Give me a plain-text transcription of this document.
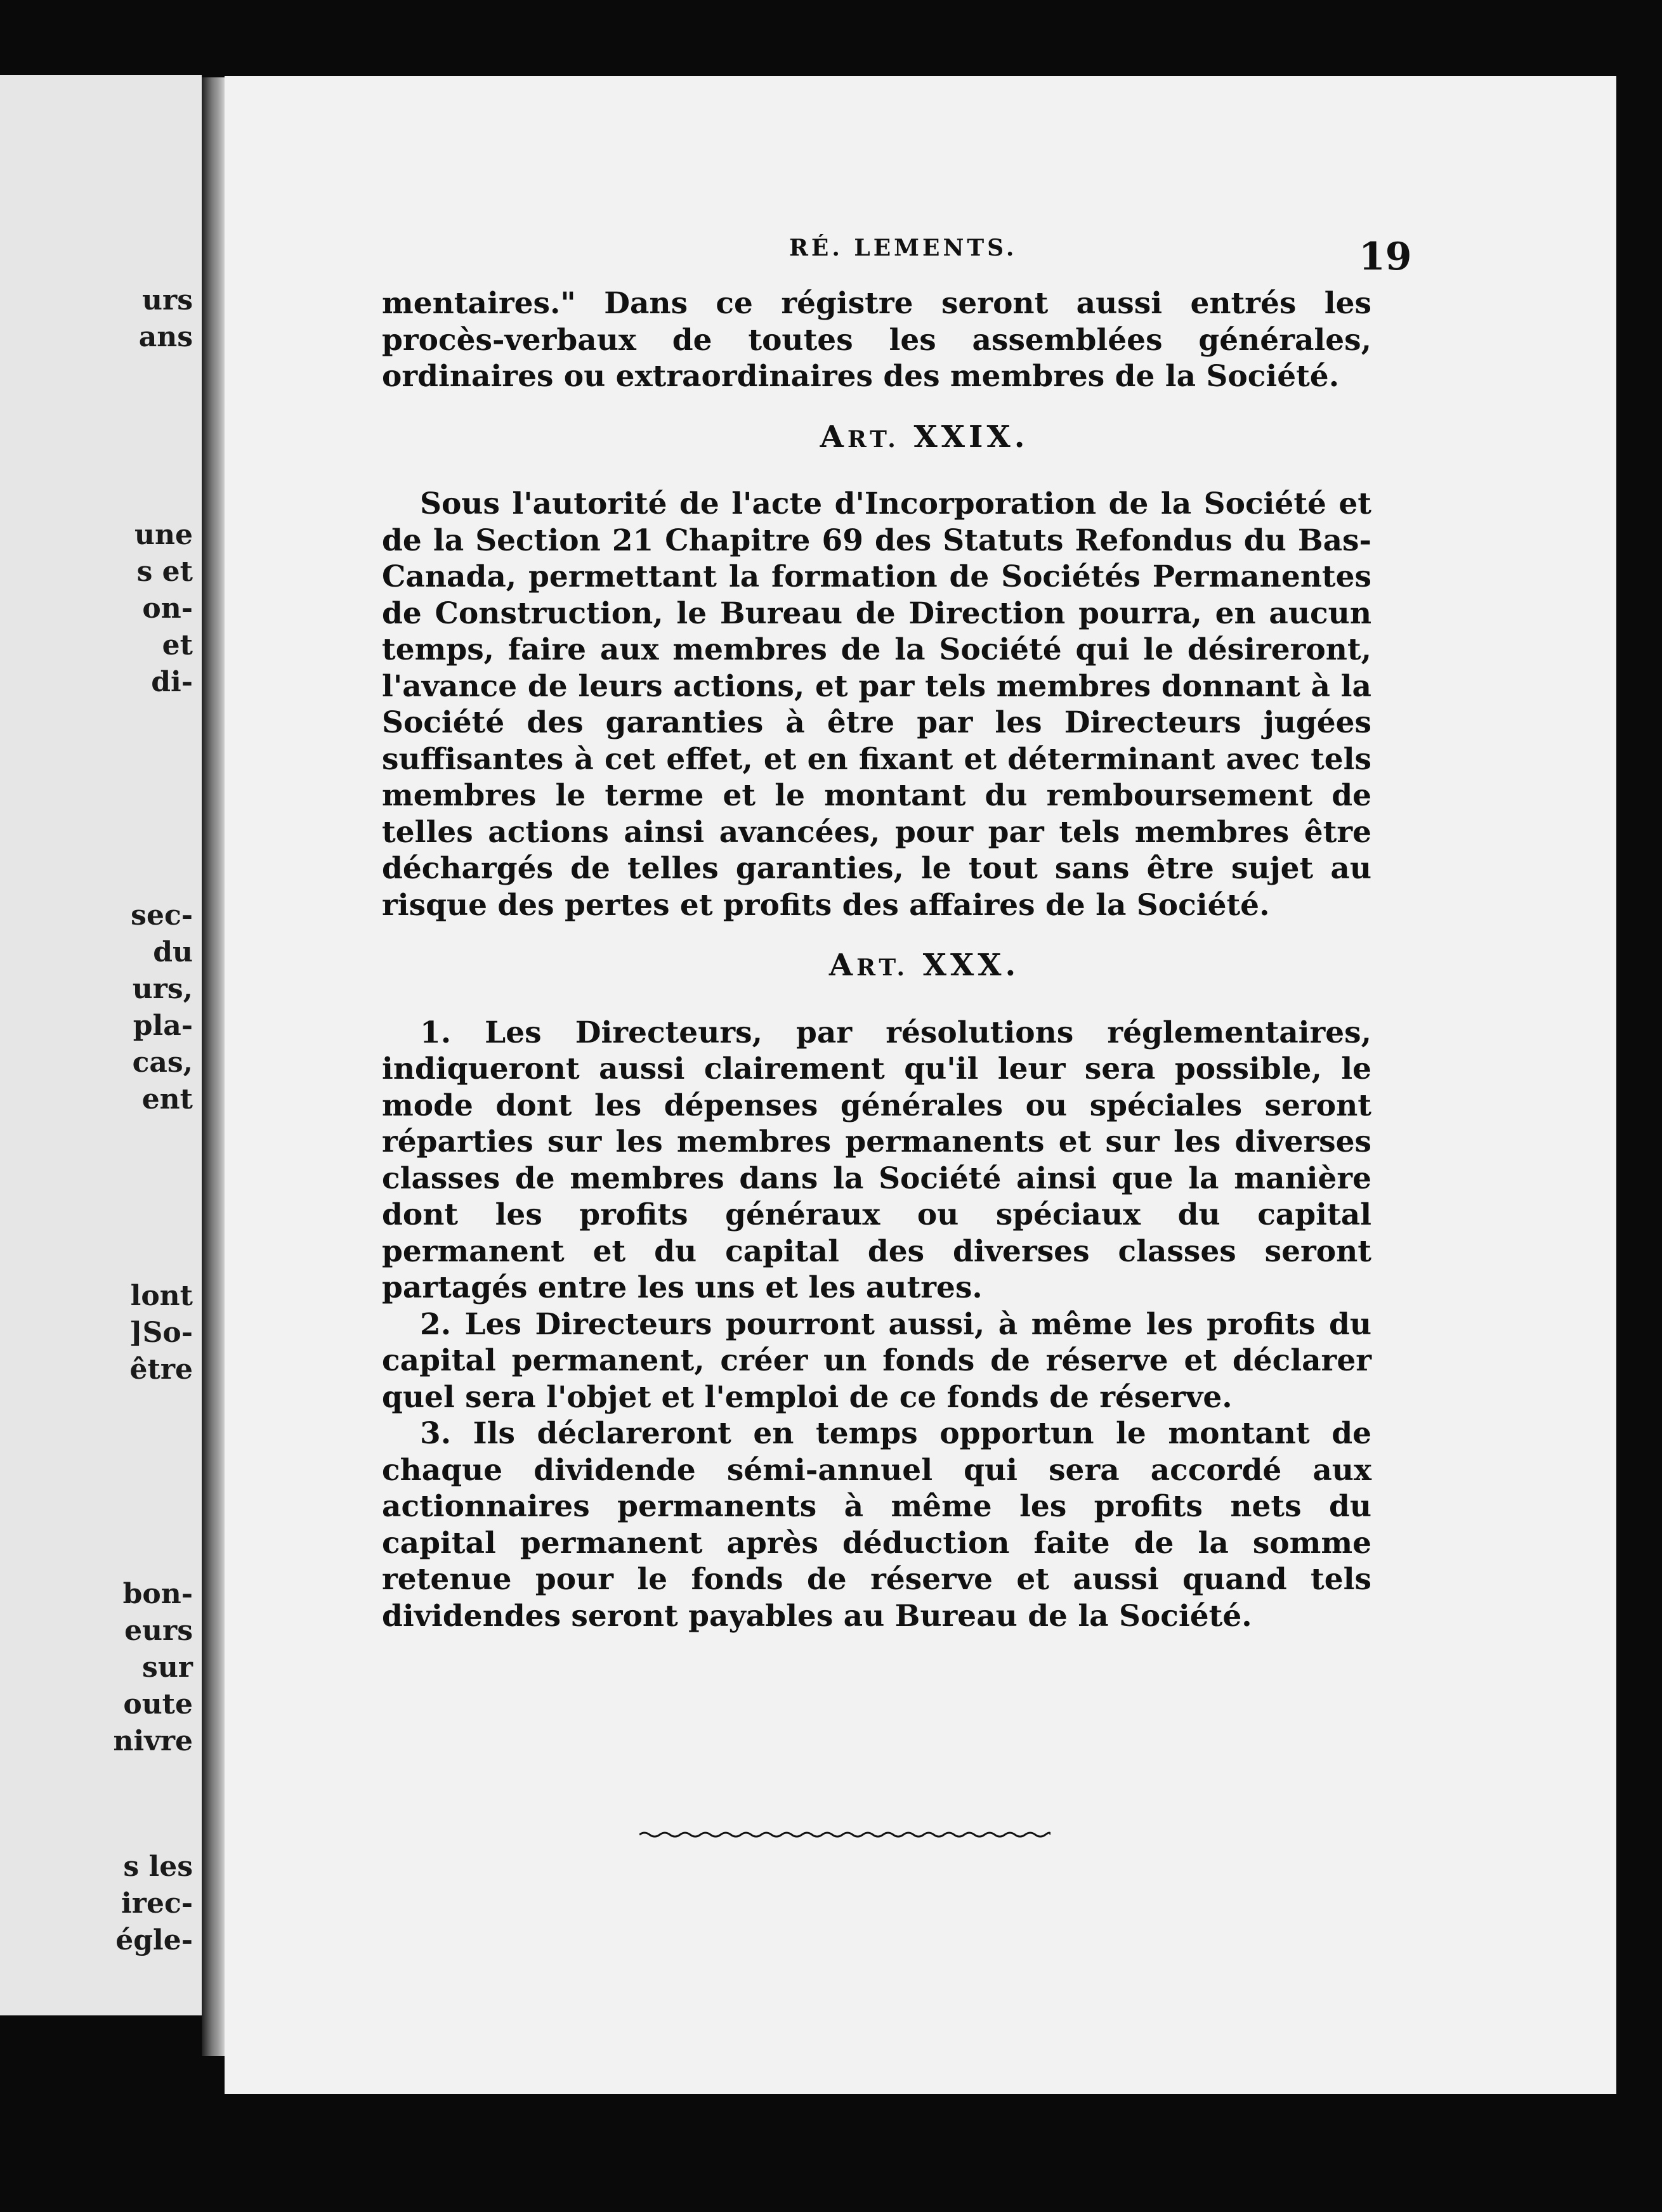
urs
ans
une
s et
on-
et
di-
sec-
du
urs,
pla-
cas,
ent
lont
]So-
être
bon-
eurs
sur
oute
nivre
s les
irec-
égle-
RÉ. LEMENTS.	19

mentaires." Dans ce régistre seront aussi entrés les procès-verbaux de toutes les assemblées générales, ordinaires ou extraordinaires des membres de la Société.

ART. XXIX.

Sous l'autorité de l'acte d'Incorporation de la Société et de la Section 21 Chapitre 69 des Statuts Refondus du Bas-Canada, permettant la formation de Sociétés Permanentes de Construction, le Bureau de Direction pourra, en aucun temps, faire aux membres de la Société qui le désireront, l'avance de leurs actions, et par tels membres donnant à la Société des garanties à être par les Directeurs jugées suffisantes à cet effet, et en fixant et déterminant avec tels membres le terme et le montant du remboursement de telles actions ainsi avancées, pour par tels membres être déchargés de telles garanties, le tout sans être sujet au risque des pertes et profits des affaires de la Société.

ART. XXX.

1. Les Directeurs, par résolutions réglementaires, indiqueront aussi clairement qu'il leur sera possible, le mode dont les dépenses générales ou spéciales seront réparties sur les membres permanents et sur les diverses classes de membres dans la Société ainsi que la manière dont les profits généraux ou spéciaux du capital permanent et du capital des diverses classes seront partagés entre les uns et les autres.

2. Les Directeurs pourront aussi, à même les profits du capital permanent, créer un fonds de réserve et déclarer quel sera l'objet et l'emploi de ce fonds de réserve.

3. Ils déclareront en temps opportun le montant de chaque dividende sémi-annuel qui sera accordé aux actionnaires permanents à même les profits nets du capital permanent après déduction faite de la somme retenue pour le fonds de réserve et aussi quand tels dividendes seront payables au Bureau de la Société.
